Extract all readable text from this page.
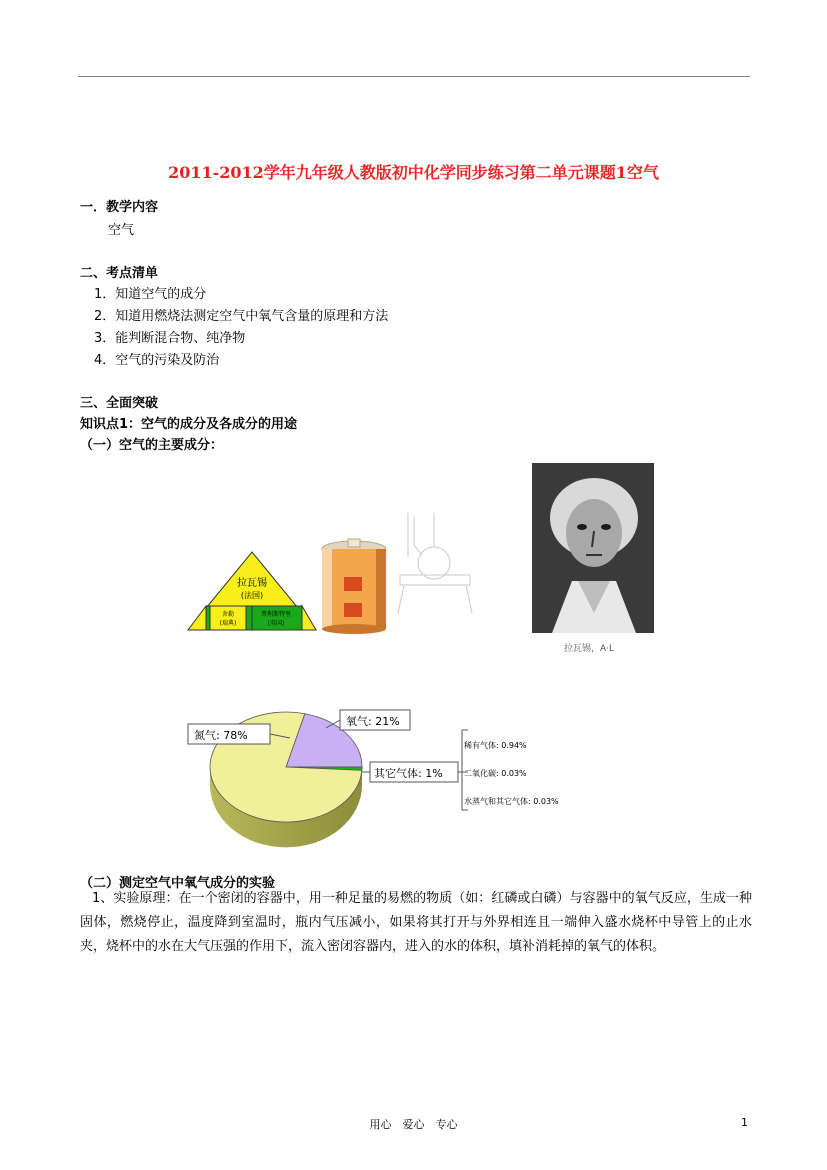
2011-2012学年九年级人教版初中化学同步练习第二单元课题1空气
一．教学内容
空气
二、考点清单
1．知道空气的成分
2．知道用燃烧法测定空气中氧气含量的原理和方法
3．能判断混合物、纯净物
4．空气的污染及防治
三、全面突破
知识点1：空气的成分及各成分的用途
（一）空气的主要成分：
拉瓦锡
(法国)
舍勒
(瑞典)
普利斯特里
(英国)
拉瓦锡，A·L
氮气: 78%
氧气: 21%
其它气体: 1%
稀有气体: 0.94%
二氧化碳: 0.03%
水蒸气和其它气体: 0.03%
（二）测定空气中氧气成分的实验
1、实验原理：在一个密闭的容器中，用一种足量的易燃的物质（如：红磷或白磷）与容器中的氧气反应，生成一种固体，燃烧停止，温度降到室温时，瓶内气压减小，如果将其打开与外界相连且一端伸入盛水烧杯中导管上的止水夹，烧杯中的水在大气压强的作用下，流入密闭容器内，进入的水的体积，填补消耗掉的氧气的体积。
用心　爱心　专心	1
